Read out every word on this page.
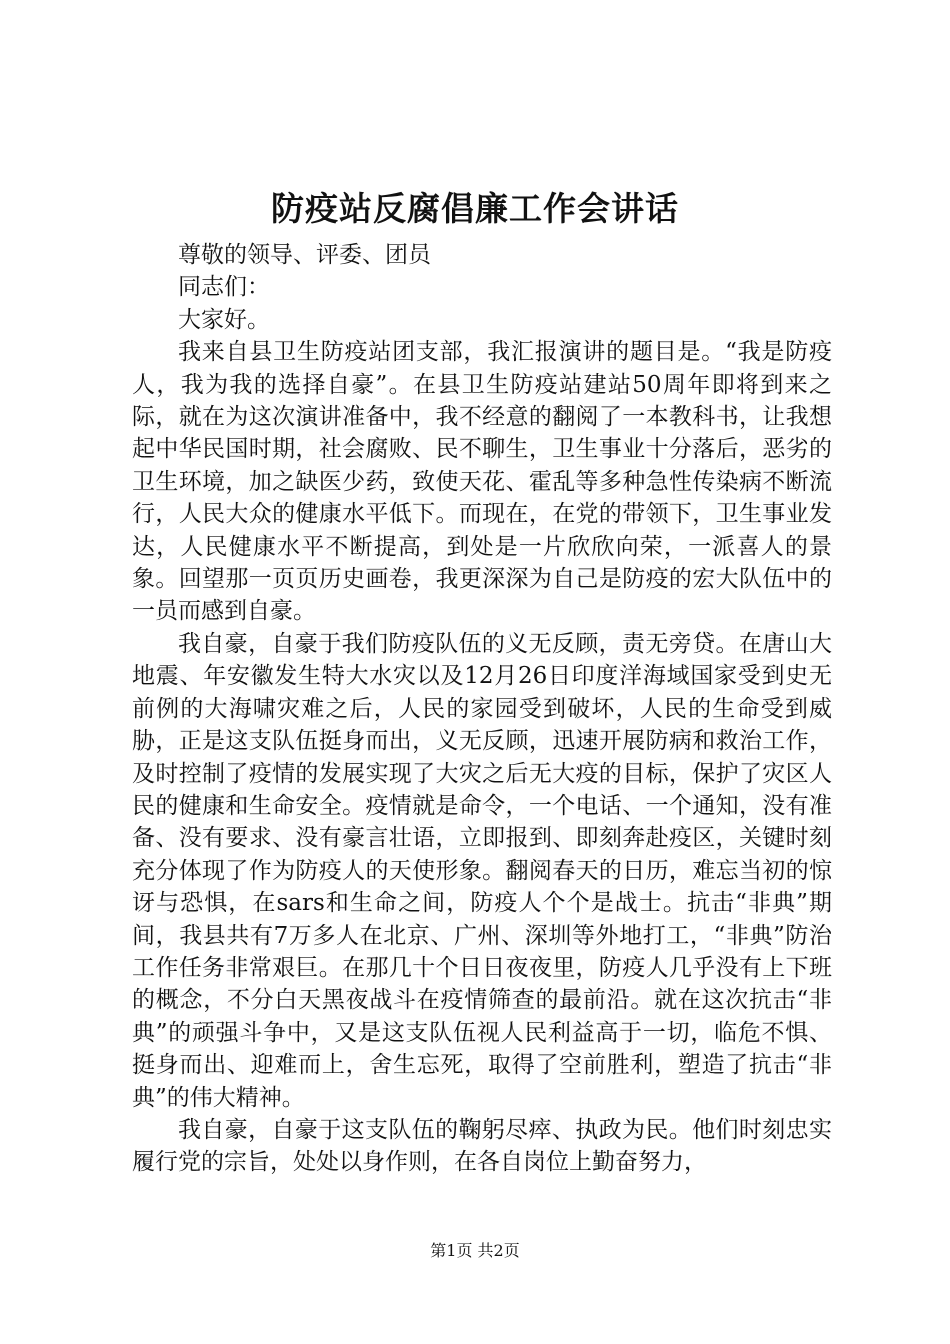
防疫站反腐倡廉工作会讲话

尊敬的领导、评委、团员

同志们：

大家好。

我来自县卫生防疫站团支部，我汇报演讲的题目是。“我是防疫人，我为我的选择自豪”。在县卫生防疫站建站50周年即将到来之际，就在为这次演讲准备中，我不经意的翻阅了一本教科书，让我想起中华民国时期，社会腐败、民不聊生，卫生事业十分落后，恶劣的卫生环境，加之缺医少药，致使天花、霍乱等多种急性传染病不断流行，人民大众的健康水平低下。而现在，在党的带领下，卫生事业发达，人民健康水平不断提高，到处是一片欣欣向荣，一派喜人的景象。回望那一页页历史画卷，我更深深为自己是防疫的宏大队伍中的一员而感到自豪。

我自豪，自豪于我们防疫队伍的义无反顾，责无旁贷。在唐山大地震、年安徽发生特大水灾以及12月26日印度洋海域国家受到史无前例的大海啸灾难之后，人民的家园受到破坏，人民的生命受到威胁，正是这支队伍挺身而出，义无反顾，迅速开展防病和救治工作，及时控制了疫情的发展实现了大灾之后无大疫的目标，保护了灾区人民的健康和生命安全。疫情就是命令，一个电话、一个通知，没有准备、没有要求、没有豪言壮语，立即报到、即刻奔赴疫区，关键时刻充分体现了作为防疫人的天使形象。翻阅春天的日历，难忘当初的惊讶与恐惧，在sars和生命之间，防疫人个个是战士。抗击“非典”期间，我县共有7万多人在北京、广州、深圳等外地打工，“非典”防治工作任务非常艰巨。在那几十个日日夜夜里，防疫人几乎没有上下班的概念，不分白天黑夜战斗在疫情筛查的最前沿。就在这次抗击“非典”的顽强斗争中，又是这支队伍视人民利益高于一切，临危不惧、挺身而出、迎难而上，舍生忘死，取得了空前胜利，塑造了抗击“非典”的伟大精神。

我自豪，自豪于这支队伍的鞠躬尽瘁、执政为民。他们时刻忠实履行党的宗旨，处处以身作则，在各自岗位上勤奋努力，

第1页 共2页
